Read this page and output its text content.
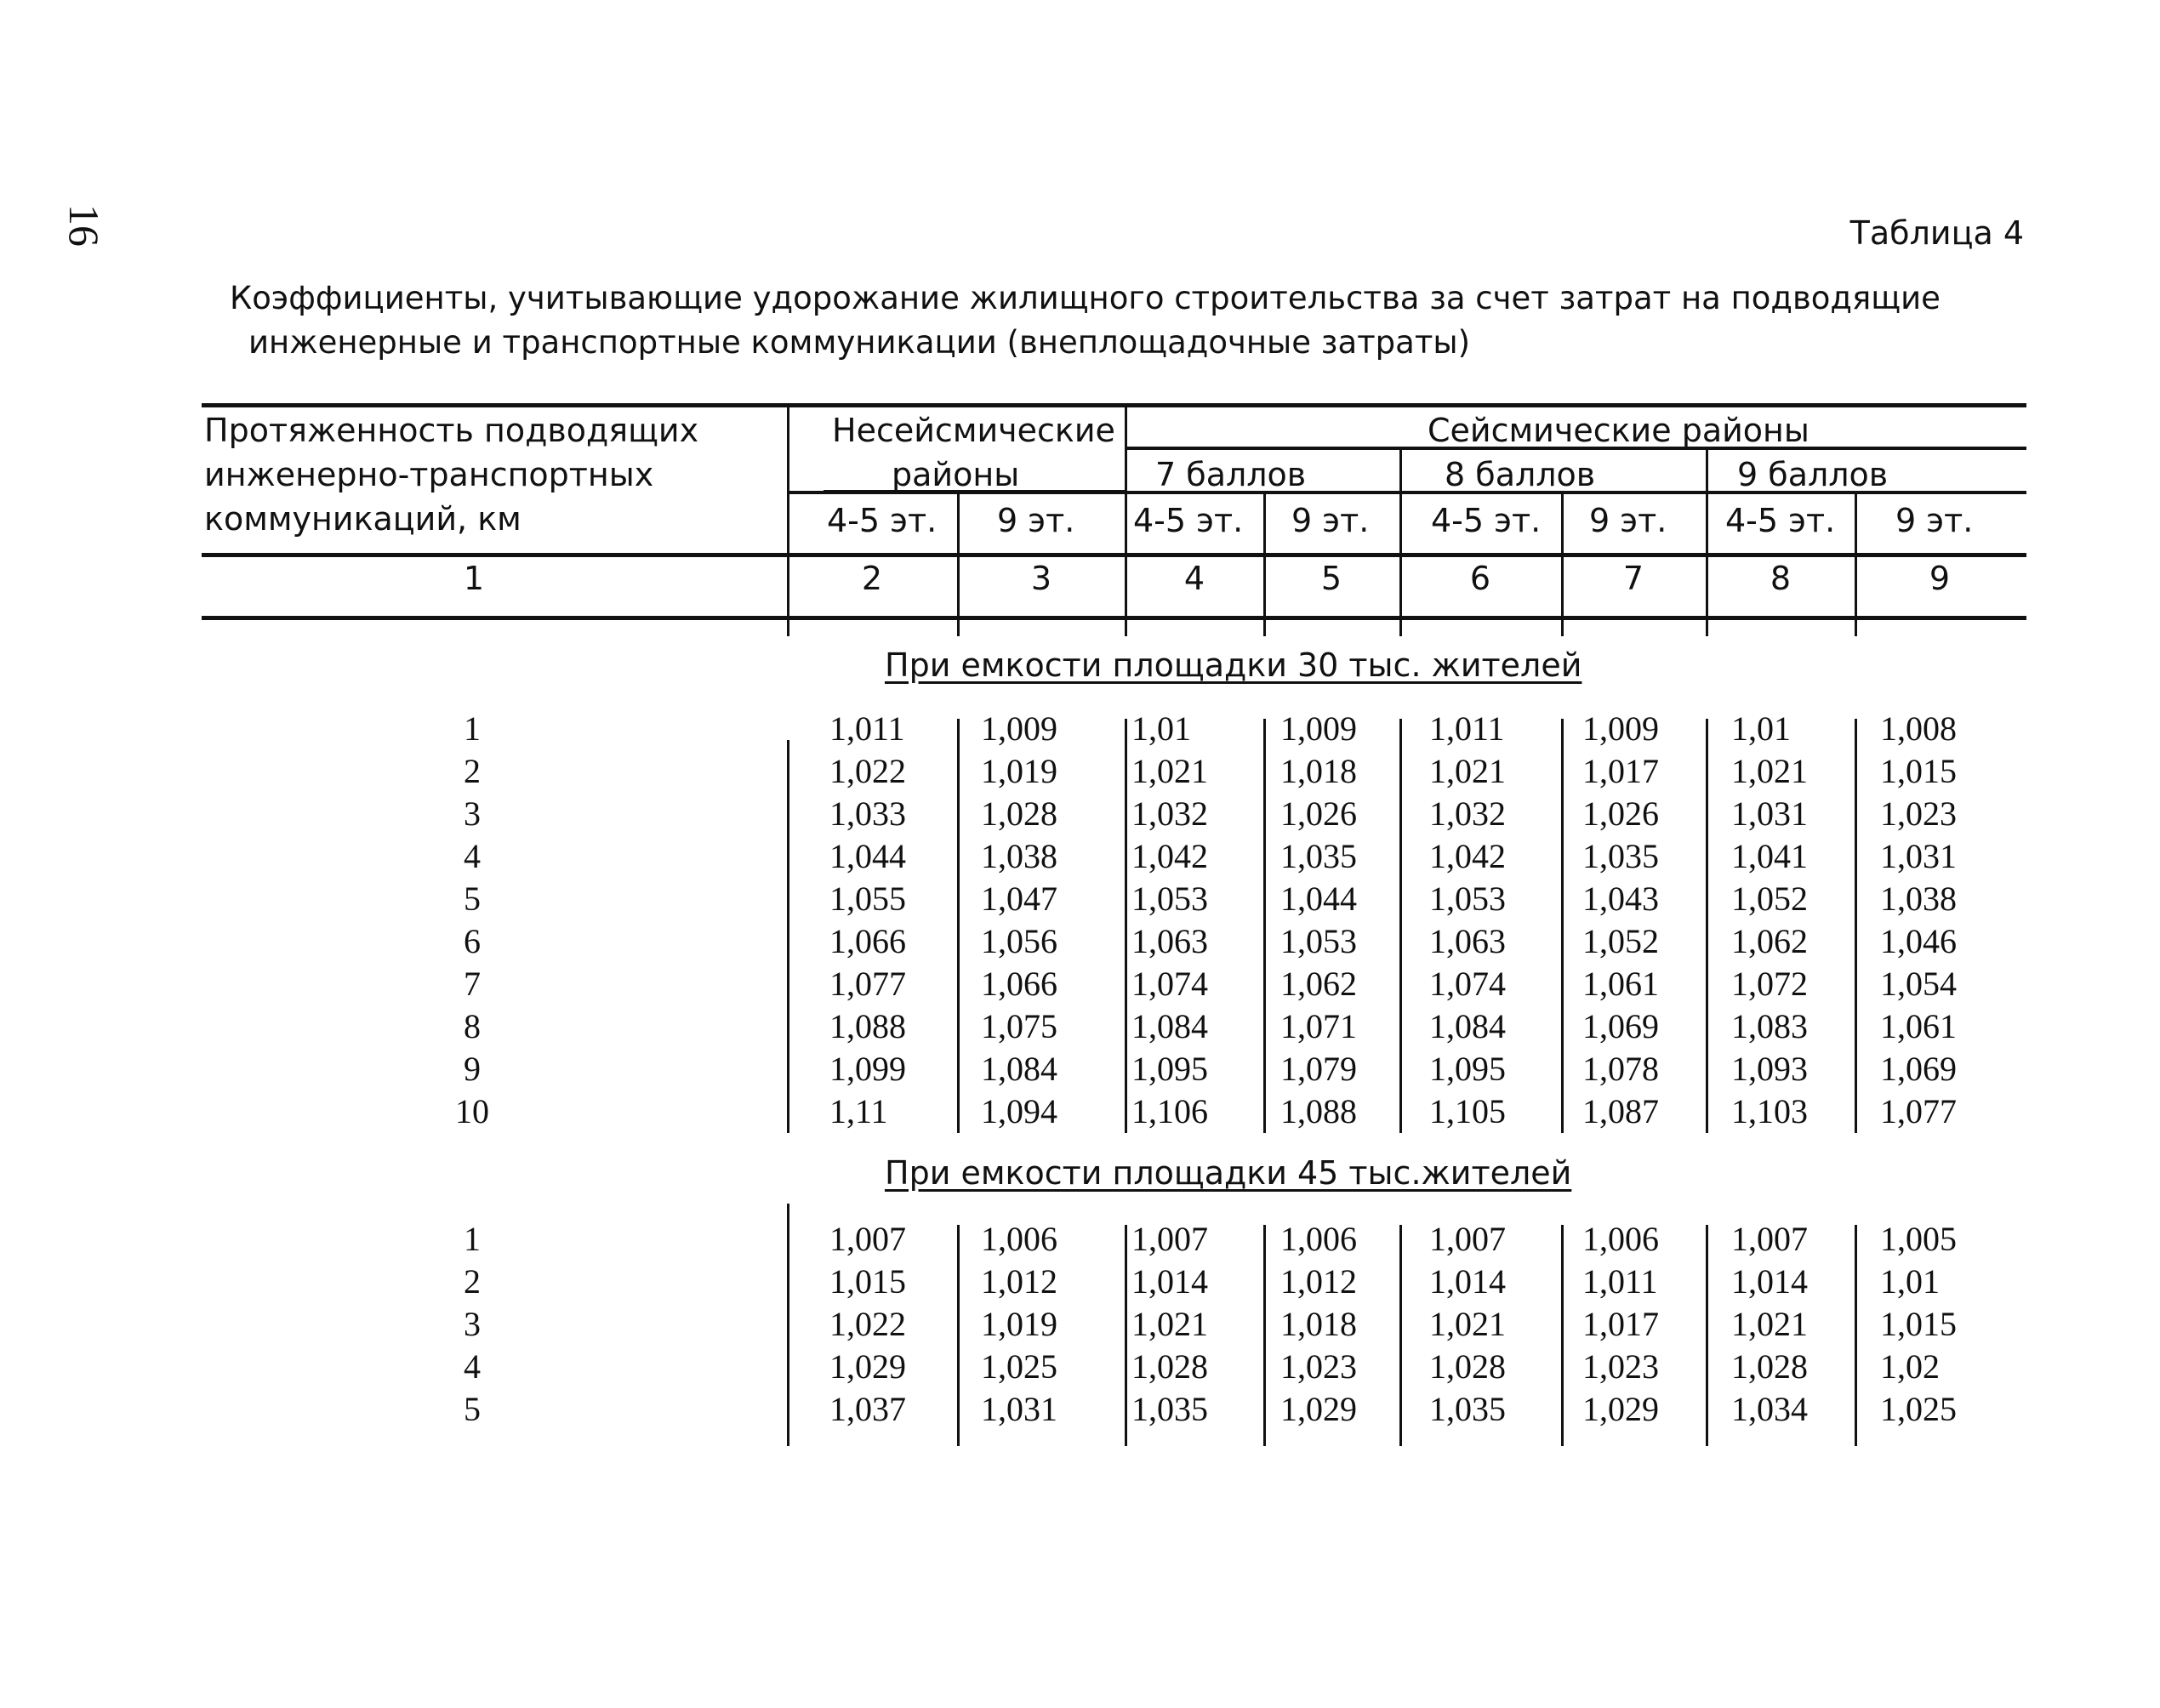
16	Таблица 4
Коэффициенты, учитывающие удорожание жилищного строительства за счет затрат на подводящие
инженерные и транспортные коммуникации (внеплощадочные затраты)
Протяженность подводящих
инженерно-транспортных
коммуникаций, км
Несейсмические
районы
Сейсмические районы
7 баллов	8 баллов	9 баллов
4-5 эт. 9 эт. 4-5 эт. 9 эт. 4-5 эт. 9 эт. 4-5 эт. 9 эт.
1	2	3	4	5	6	7	8	9
При емкости площадки 30 тыс. жителей
1	1,011 1,009 1,01	1,009 1,011 1,009 1,01	1,008
2	1,022 1,019 1,021 1,018 1,021 1,017 1,021 1,015
3	1,033 1,028 1,032 1,026 1,032 1,026 1,031 1,023
4	1,044 1,038 1,042 1,035 1,042 1,035 1,041 1,031
5	1,055 1,047 1,053 1,044 1,053 1,043 1,052 1,038
6	1,066 1,056 1,063 1,053 1,063 1,052 1,062 1,046
7	1,077 1,066 1,074 1,062 1,074 1,061 1,072 1,054
8	1,088 1,075 1,084 1,071 1,084 1,069 1,083 1,061
9	1,099 1,084 1,095 1,079 1,095 1,078 1,093 1,069
10	1,11	1,094 1,106 1,088 1,105 1,087 1,103 1,077
При емкости площадки 45 тыс.жителей
1	1,007 1,006 1,007 1,006 1,007 1,006 1,007 1,005
2	1,015 1,012 1,014 1,012 1,014 1,011 1,014 1,01
3	1,022 1,019 1,021 1,018 1,021 1,017 1,021 1,015
4	1,029 1,025 1,028 1,023 1,028 1,023 1,028 1,02
5	1,037 1,031 1,035 1,029 1,035 1,029 1,034 1,025
